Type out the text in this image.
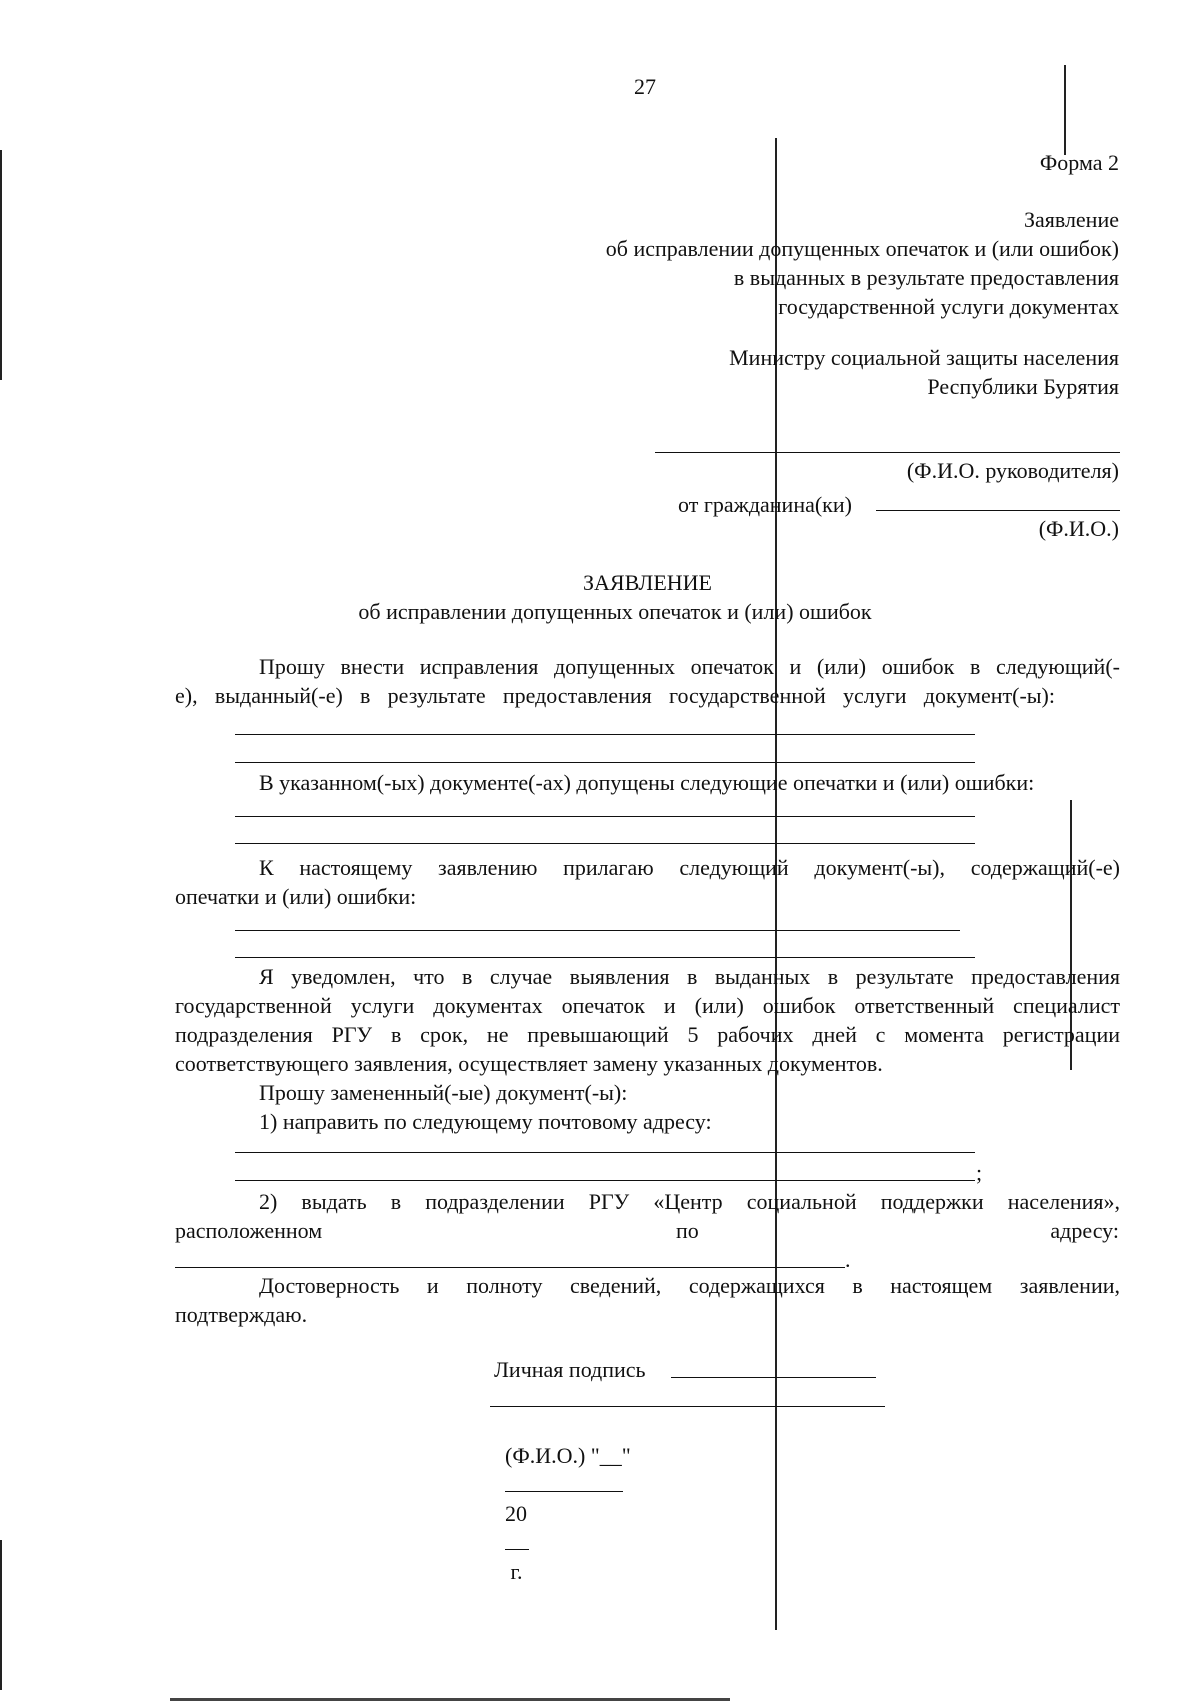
27
Форма 2
Заявление
об исправлении допущенных опечаток и (или ошибок)
в выданных в результате предоставления
государственной услуги документах
Министру социальной защиты населения
Республики Бурятия
(Ф.И.О. руководителя)
от гражданина(ки)
(Ф.И.О.)
ЗАЯВЛЕНИЕ
об исправлении допущенных опечаток и (или) ошибок
Прошу внести исправления допущенных опечаток и (или) ошибок в следующий(-
е), выданный(-е) в результате предоставления государственной услуги документ(-ы):
В указанном(-ых) документе(-ах) допущены следующие опечатки и (или) ошибки:
К настоящему заявлению прилагаю следующий документ(-ы), содержащий(-е)
опечатки и (или) ошибки:
Я уведомлен, что в случае выявления в выданных в результате предоставления
государственной услуги документах опечаток и (или) ошибок ответственный специалист
подразделения РГУ в срок, не превышающий 5 рабочих дней с момента регистрации
соответствующего заявления, осуществляет замену указанных документов.
Прошу замененный(-ые) документ(-ы):
1) направить по следующему почтовому адресу:
;
2) выдать в подразделении РГУ «Центр социальной поддержки населения»,
расположенном	по	адресу:
.
Достоверность и полноту сведений, содержащихся в настоящем заявлении,
подтверждаю.
Личная подпись

(Ф.И.О.) "__"

20

г.
